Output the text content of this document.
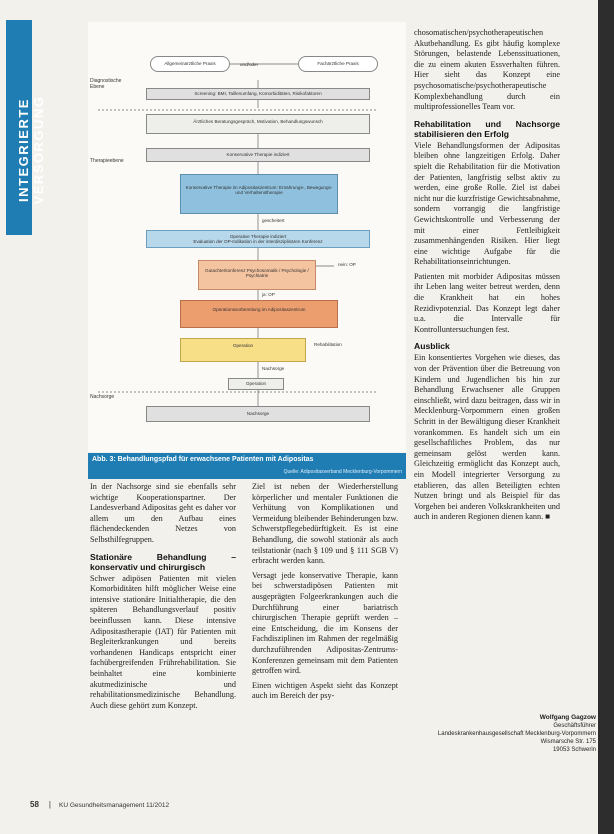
INTEGRIERTE VERSORGUNG
Diagnostische Ebene
Therapieebene
Nachsorge
Allgemeinärztliche Praxis	und/oder	Fachärztliche Praxis
Screening: BMI, Taillenumfang, Komorbiditäten, Risikofaktoren
Ärztliches Beratungsgespräch, Motivation, Behandlungswunsch
Konservative Therapie indiziert
Konservative Therapie im Adipositaszentrum: Ernährungs-, Bewegungs- und Verhaltenstherapie
gescheitert
Operative Therapie indiziert
Evaluation der OP-Indikation in der interdisziplinären Konferenz
Gutachterkonferenz Psychosomatik / Psychologie / Psychiatrie
nein: OP
ja: OP
Operationsvorbereitung im Adipositaszentrum
Operation	Rehabilitation
Nachsorge
Operation
Nachsorge
Abb. 3: Behandlungspfad für erwachsene Patienten mit Adipositas
Quelle: Adipositasverband Mecklenburg-Vorpommern

In der Nachsorge sind sie ebenfalls sehr wichtige Kooperationspartner. Der Landesverband Adipositas geht es daher vor allem um den Aufbau eines flächendeckenden Netzes von Selbsthilfegruppen.

Stationäre Behandlung – konservativ und chirurgisch

Schwer adipösen Patienten mit vielen Komorbiditäten hilft möglicher Weise eine intensive stationäre Initialtherapie, die den späteren Behandlungsverlauf positiv beeinflussen kann. Diese intensive Adipositastherapie (IAT) für Patienten mit Begleiterkrankungen und bereits vorhandenen Handicaps entspricht einer fachübergreifenden Frührehabilitation. Sie beinhaltet eine kombinierte akutmedizinische und rehabilitationsmedizinische Behandlung. Auch diese gehört zum Konzept.

Ziel ist neben der Wiederherstellung körperlicher und mentaler Funktionen die Verhütung von Komplikationen und Vermeidung bleibender Behinderungen bzw. Schwerstpflegebedürftigkeit. Es ist eine Behandlung, die sowohl stationär als auch teilstationär (nach § 109 und § 111 SGB V) erbracht werden kann.

Versagt jede konservative Therapie, kann bei schwerstadipösen Patienten mit ausgeprägten Folgeerkrankungen auch die Durchführung einer bariatrisch chirurgischen Therapie geprüft werden – eine Entscheidung, die im Konsens der Fachdisziplinen im Rahmen der regelmäßig durchzuführenden Adipositas-Zentrums-Konferenzen gemeinsam mit dem Patienten getroffen wird.

Einen wichtigen Aspekt sieht das Konzept auch im Bereich der psy-

chosomatischen/psychotherapeutischen Akutbehandlung. Es gibt häufig komplexe Störungen, belastende Lebenssituationen, die zu einem akuten Essverhalten führen. Hier sieht das Konzept eine psychosomatische/psychotherapeutische Komplexbehandlung durch ein multiprofessionelles Team vor.

Rehabilitation und Nachsorge stabilisieren den Erfolg

Viele Behandlungsformen der Adipositas bleiben ohne langzeitigen Erfolg. Daher spielt die Rehabilitation für die Motivation der Patienten, langfristig selbst aktiv zu werden, eine große Rolle. Ziel ist dabei nicht nur die kurzfristige Gewichtsabnahme, sondern vorrangig die langfristige Gewichtskontrolle und Verbesserung der mit einer Fettleibigkeit zusammenhängenden Risiken. Hier liegt eine wichtige Aufgabe für die Rehabilitationseinrichtungen.

Patienten mit morbider Adipositas müssen ihr Leben lang weiter betreut werden, denn die Krankheit hat ein hohes Rezidivpotenzial. Das Konzept legt daher u.a. die Intervalle für Kontrolluntersuchungen fest.

Ausblick

Ein konsentiertes Vorgehen wie dieses, das von der Prävention über die Betreuung von Kindern und Jugendlichen bis hin zur Behandlung Erwachsener alle Gruppen einschließt, wird dazu beitragen, dass wir in Mecklenburg-Vorpommern einen großen Schritt in der Bewältigung dieser Krankheit vorankommen. Es handelt sich um ein gesellschaftliches Problem, das nur gemeinsam gelöst werden kann. Gleichzeitig ermöglicht das Konzept auch, ein Modell integrierter Versorgung zu etablieren, das allen Beteiligten echten Nutzen bringt und als Beispiel für das Vorgehen bei anderen Volkskrankheiten und auch in anderen Regionen dienen kann. ■

Wolfgang Gagzow
Geschäftsführer
Landeskrankenhausgesellschaft Mecklenburg-Vorpommern
Wismarsche Str. 175
19053 Schwerin
58 | KU Gesundheitsmanagement 11/2012
